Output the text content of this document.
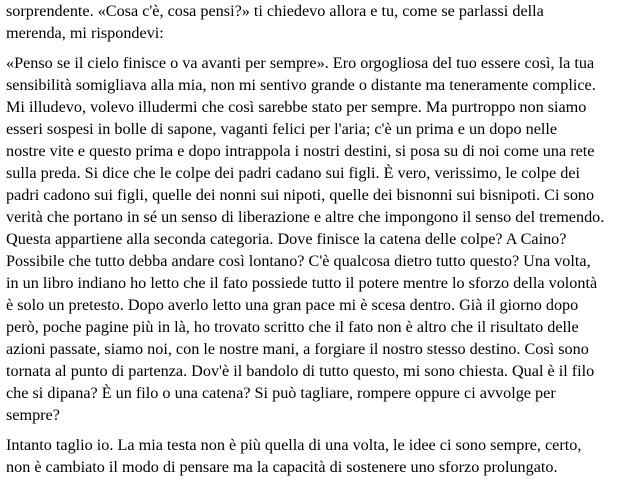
sorprendente. «Cosa c'è, cosa pensi?» ti chiedevo allora e tu, come se parlassi della
merenda, mi rispondevi:
«Penso se il cielo finisce o va avanti per sempre». Ero orgogliosa del tuo essere così, la tua
sensibilità somigliava alla mia, non mi sentivo grande o distante ma teneramente complice.
Mi illudevo, volevo illudermi che così sarebbe stato per sempre. Ma purtroppo non siamo
esseri sospesi in bolle di sapone, vaganti felici per l'aria; c'è un prima e un dopo nelle
nostre vite e questo prima e dopo intrappola i nostri destini, si posa su di noi come una rete
sulla preda. Si dice che le colpe dei padri cadano sui figli. È vero, verissimo, le colpe dei
padri cadono sui figli, quelle dei nonni sui nipoti, quelle dei bisnonni sui bisnipoti. Ci sono
verità che portano in sé un senso di liberazione e altre che impongono il senso del tremendo.
Questa appartiene alla seconda categoria. Dove finisce la catena delle colpe? A Caino?
Possibile che tutto debba andare così lontano? C'è qualcosa dietro tutto questo? Una volta,
in un libro indiano ho letto che il fato possiede tutto il potere mentre lo sforzo della volontà
è solo un pretesto. Dopo averlo letto una gran pace mi è scesa dentro. Già il giorno dopo
però, poche pagine più in là, ho trovato scritto che il fato non è altro che il risultato delle
azioni passate, siamo noi, con le nostre mani, a forgiare il nostro stesso destino. Così sono
tornata al punto di partenza. Dov'è il bandolo di tutto questo, mi sono chiesta. Qual è il filo
che si dipana? È un filo o una catena? Si può tagliare, rompere oppure ci avvolge per
sempre?
Intanto taglio io. La mia testa non è più quella di una volta, le idee ci sono sempre, certo,
non è cambiato il modo di pensare ma la capacità di sostenere uno sforzo prolungato.
